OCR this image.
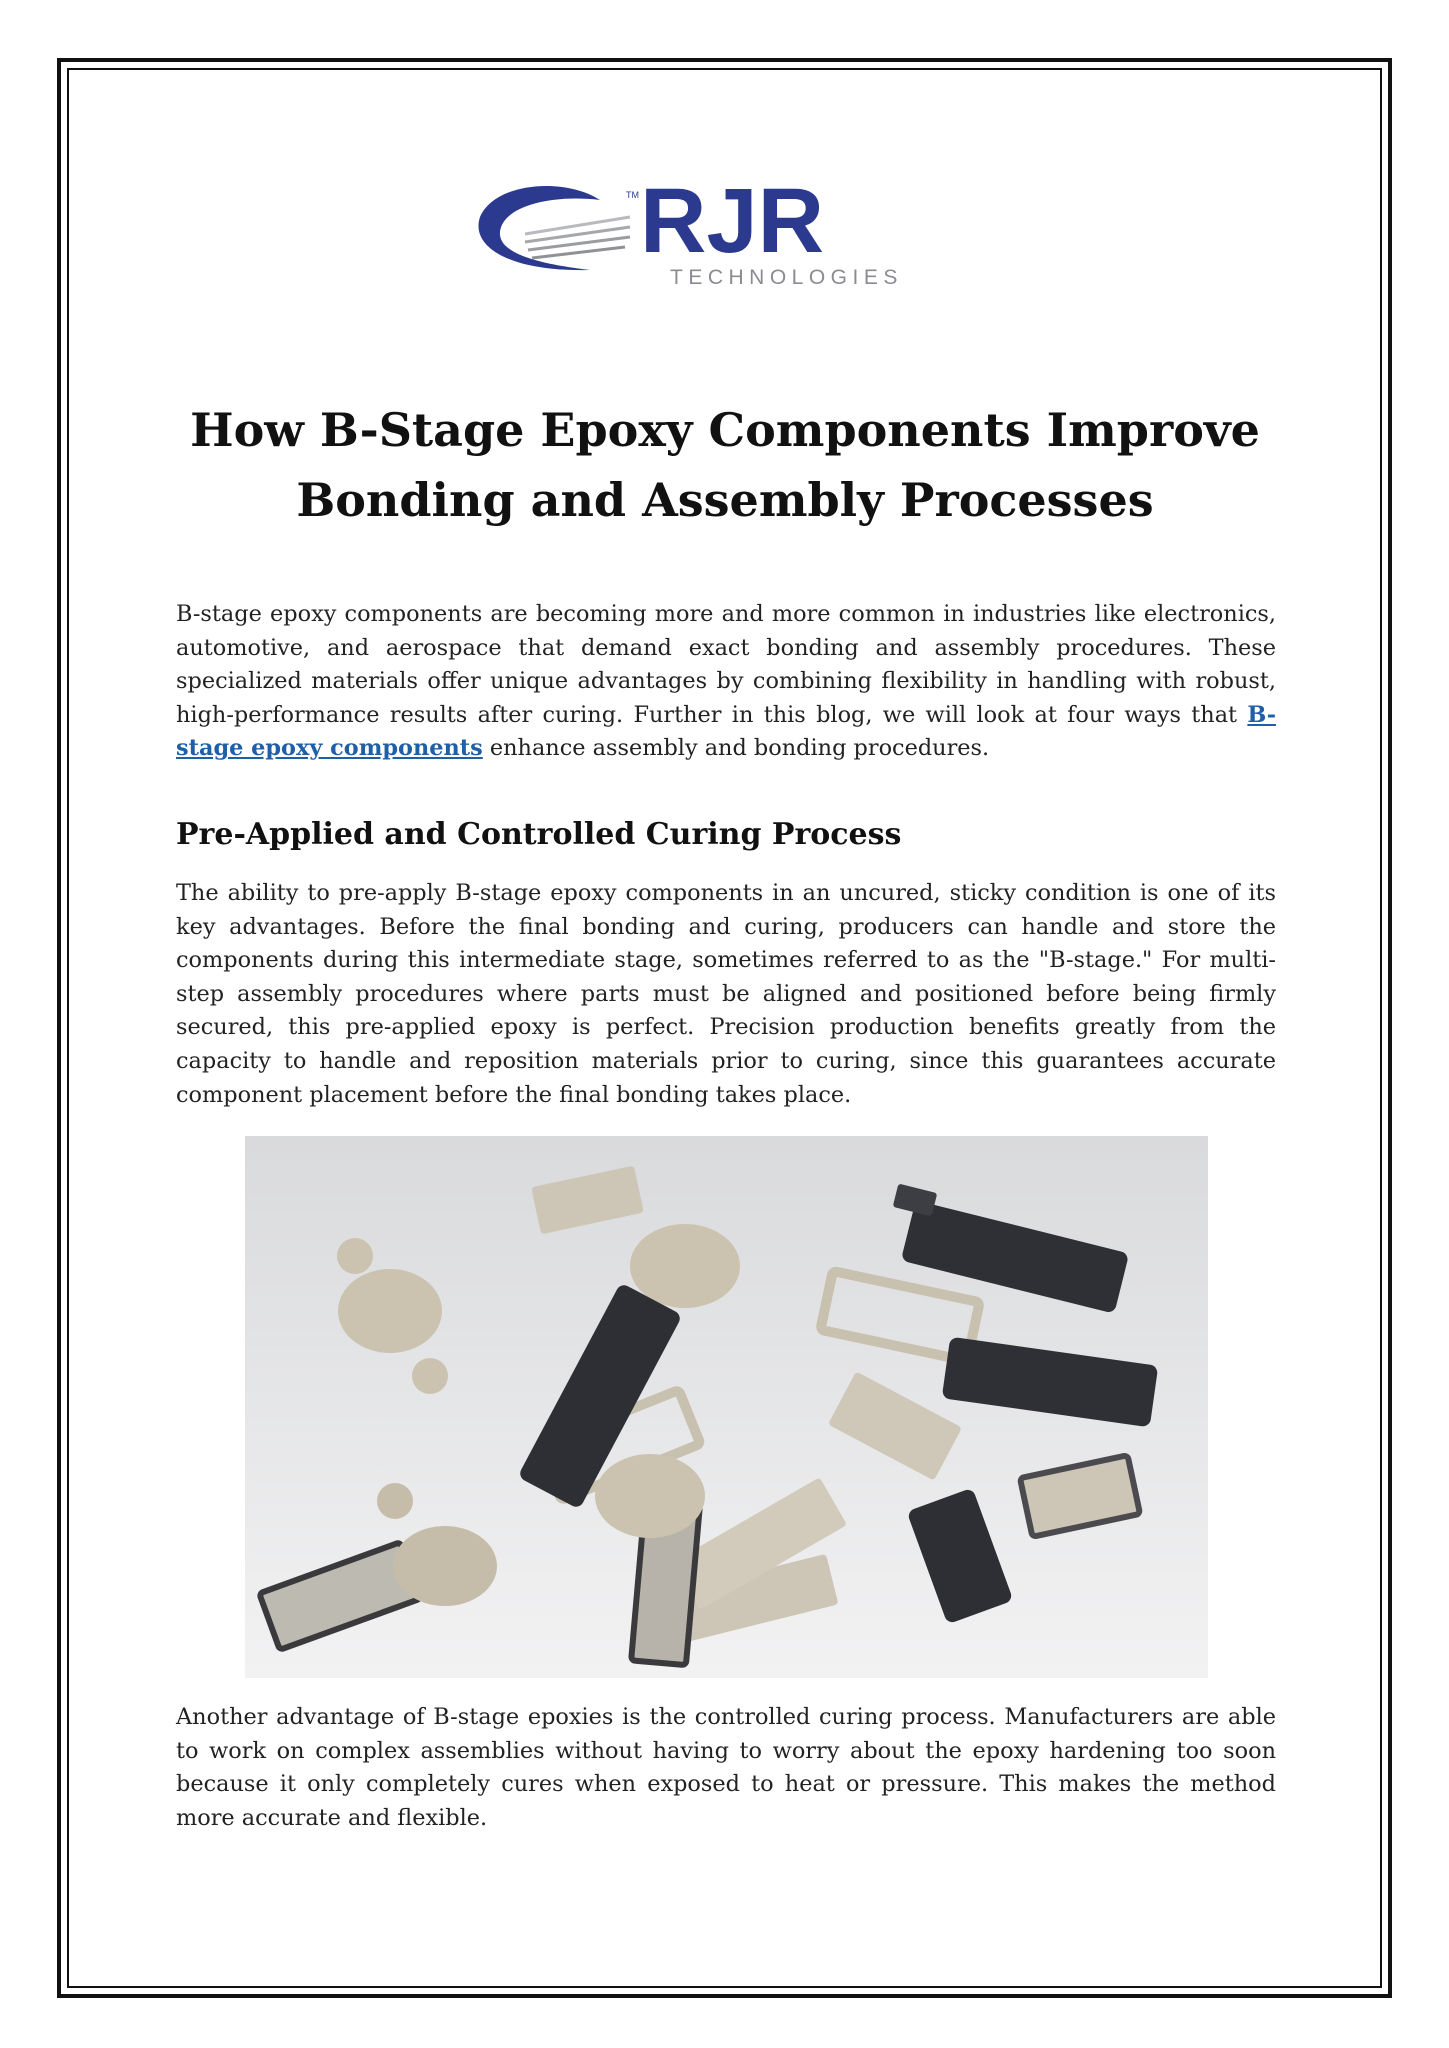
RJR
TM
TECHNOLOGIES
How B-Stage Epoxy Components Improve
Bonding and Assembly Processes
B-stage epoxy components are becoming more and more common in industries like electronics, automotive, and aerospace that demand exact bonding and assembly procedures. These specialized materials offer unique advantages by combining flexibility in handling with robust, high-performance results after curing. Further in this blog, we will look at four ways that B-stage epoxy components enhance assembly and bonding procedures.
Pre-Applied and Controlled Curing Process
The ability to pre-apply B-stage epoxy components in an uncured, sticky condition is one of its key advantages. Before the final bonding and curing, producers can handle and store the components during this intermediate stage, sometimes referred to as the "B-stage." For multi-step assembly procedures where parts must be aligned and positioned before being firmly secured, this pre-applied epoxy is perfect. Precision production benefits greatly from the capacity to handle and reposition materials prior to curing, since this guarantees accurate component placement before the final bonding takes place.
Another advantage of B-stage epoxies is the controlled curing process. Manufacturers are able to work on complex assemblies without having to worry about the epoxy hardening too soon because it only completely cures when exposed to heat or pressure. This makes the method more accurate and flexible.
